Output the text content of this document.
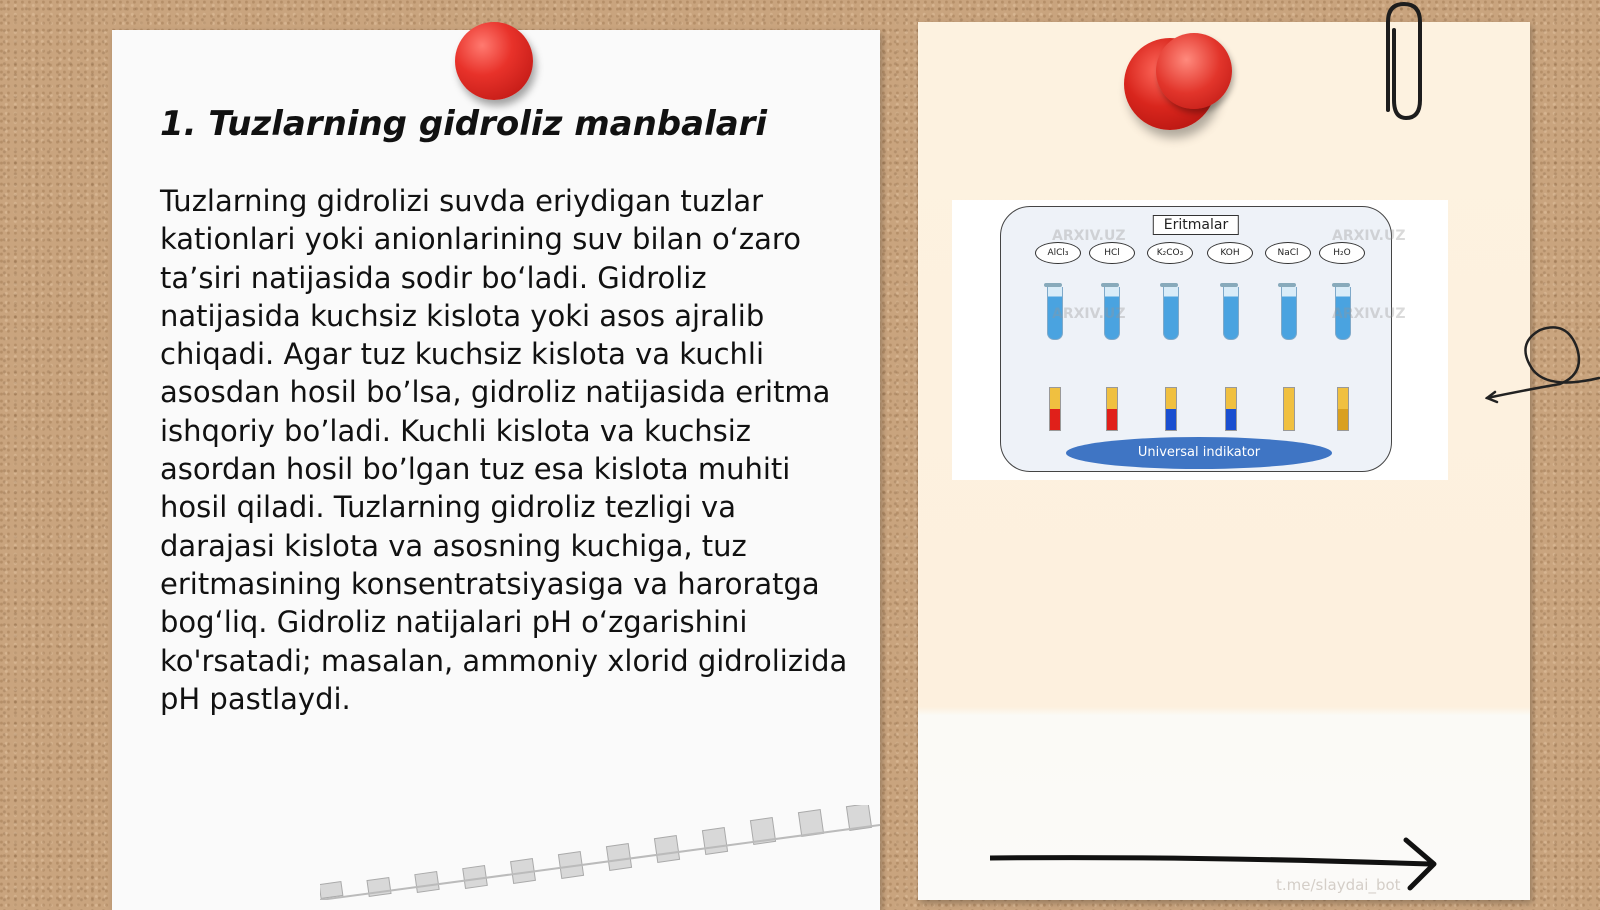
1. Tuzlarning gidroliz manbalari

Tuzlarning gidrolizi suvda eriydigan tuzlar kationlari yoki anionlarining suv bilan o‘zaro ta’siri natijasida sodir bo‘ladi. Gidroliz natijasida kuchsiz kislota yoki asos ajralib chiqadi. Agar tuz kuchsiz kislota va kuchli asosdan hosil bo’lsa, gidroliz natijasida eritma ishqoriy bo’ladi. Kuchli kislota va kuchsiz asordan hosil bo’lgan tuz esa kislota muhiti hosil qiladi. Tuzlarning gidroliz tezligi va darajasi kislota va asosning kuchiga, tuz eritmasining konsentratsiyasiga va haroratga bog‘liq. Gidroliz natijalari pH o‘zgarishini ko'rsatadi; masalan, ammoniy xlorid gidrolizida pH pastlaydi.

Eritmalar
AlCl₃	HCl	K₂CO₃	KOH	NaCl	H₂O
Universal indikator
ARXIV.UZ	ARXIV.UZ
ARXIV.UZ	ARXIV.UZ
t.me/slaydai_bot
